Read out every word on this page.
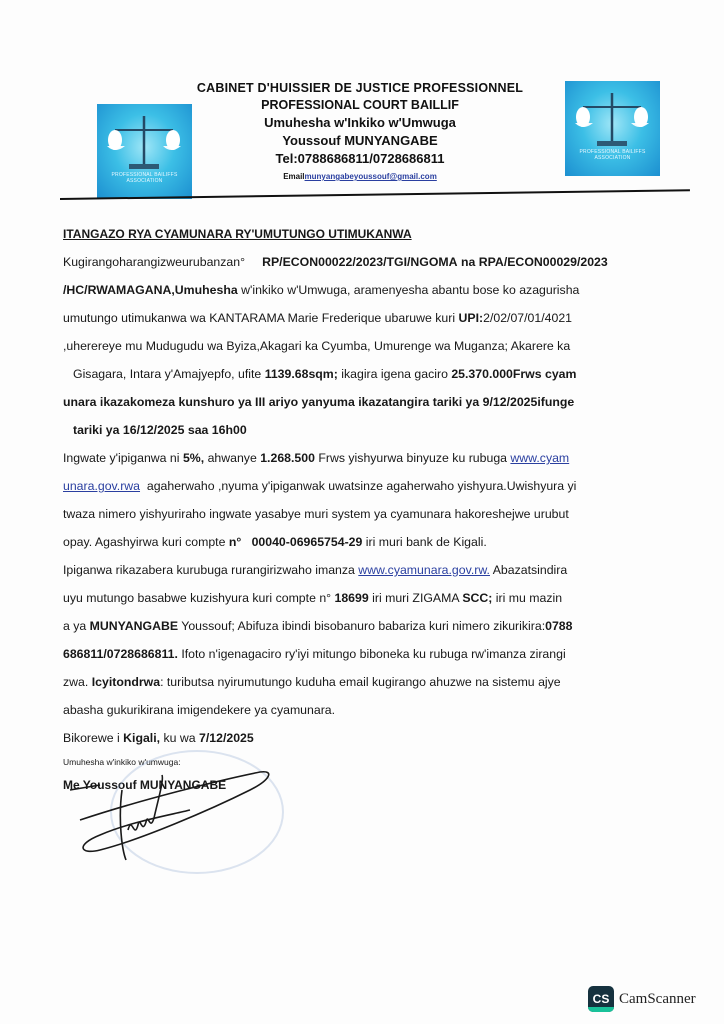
PROFESSIONAL BAILIFFS ASSOCIATION
PROFESSIONAL BAILIFFS ASSOCIATION
CABINET D'HUISSIER DE JUSTICE PROFESSIONNEL
PROFESSIONAL COURT BAILLIF
Umuhesha w'Inkiko w'Umwuga
Youssouf MUNYANGABE
Tel:0788686811/0728686811
Emailmunyangabeyoussouf@gmail.com

ITANGAZO RYA CYAMUNARA RY'UMUTUNGO UTIMUKANWA

Kugirangoharangizweurubanzan° RP/ECON00022/2023/TGI/NGOMA na RPA/ECON00029/2023
/HC/RWAMAGANA,Umuhesha w'inkiko w'Umwuga, aramenyesha abantu bose ko azagurisha
umutungo utimukanwa wa KANTARAMA Marie Frederique ubaruwe kuri UPI:2/02/07/01/4021
,uherereye mu Mudugudu wa Byiza,Akagari ka Cyumba, Umurenge wa Muganza; Akarere ka
Gisagara, Intara y'Amajyepfo, ufite 1139.68sqm; ikagira igena gaciro 25.370.000Frws cyam
unara ikazakomeza kunshuro ya III ariyo yanyuma ikazatangira tariki ya 9/12/2025ifunge
tariki ya 16/12/2025 saa 16h00

Ingwate y'ipiganwa ni 5%, ahwanye 1.268.500 Frws yishyurwa binyuze ku rubuga www.cyam
unara.gov.rwa agaherwaho ,nyuma y'ipiganwak uwatsinze agaherwaho yishyura.Uwishyura yi
twaza nimero yishyuriraho ingwate yasabye muri system ya cyamunara hakoreshejwe urubut
opay. Agashyirwa kuri compte n° 00040-06965754-29 iri muri bank de Kigali.

Ipiganwa rikazabera kurubuga rurangirizwaho imanza www.cyamunara.gov.rw. Abazatsindira
uyu mutungo basabwe kuzishyura kuri compte n° 18699 iri muri ZIGAMA SCC; iri mu mazin
a ya MUNYANGABE Youssouf; Abifuza ibindi bisobanuro babariza kuri nimero zikurikira:0788
686811/0728686811. Ifoto n'igenagaciro ry'iyi mitungo biboneka ku rubuga rw'imanza zirangi
zwa. Icyitondrwa: tuributsa nyirumutungo kuduha email kugirango ahuzwe na sistemu ajye
abasha gukurikirana imigendekere ya cyamunara.

Bikorewe i Kigali, ku wa 7/12/2025

Umuhesha w'inkiko w'umwuga:

Me Youssouf MUNYANGABE

CS CamScanner
